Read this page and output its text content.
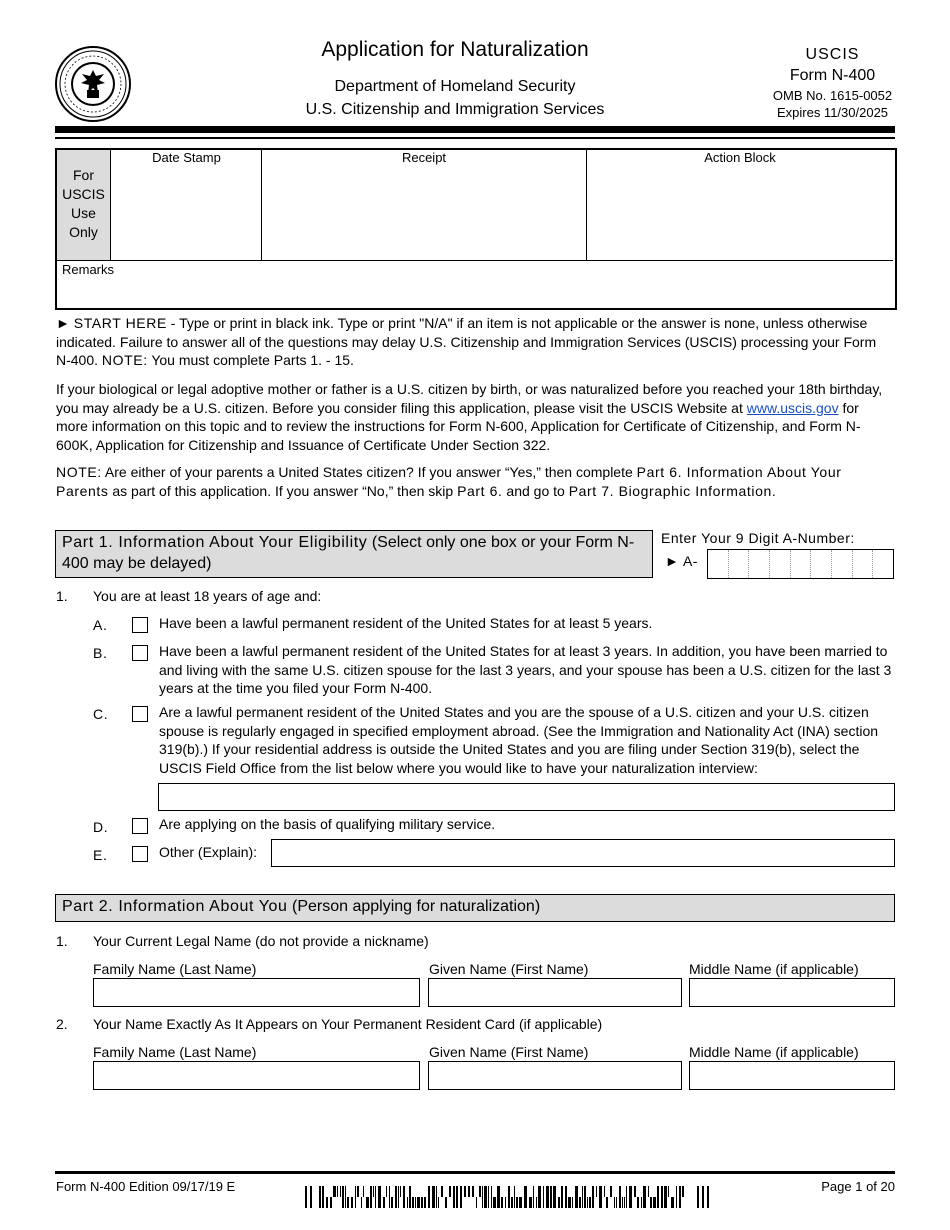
Application for Naturalization
Department of Homeland Security
U.S. Citizenship and Immigration Services
USCIS
Form N-400
OMB No. 1615-0052
Expires 11/30/2025
For
USCIS
Use
Only
Date Stamp	Receipt	Action Block
Remarks
► START HERE - Type or print in black ink. Type or print "N/A" if an item is not applicable or the answer is none, unless otherwise indicated. Failure to answer all of the questions may delay U.S. Citizenship and Immigration Services (USCIS) processing your Form N-400. NOTE: You must complete Parts 1. - 15.
If your biological or legal adoptive mother or father is a U.S. citizen by birth, or was naturalized before you reached your 18th birthday, you may already be a U.S. citizen. Before you consider filing this application, please visit the USCIS Website at www.uscis.gov for more information on this topic and to review the instructions for Form N-600, Application for Certificate of Citizenship, and Form N-600K, Application for Citizenship and Issuance of Certificate Under Section 322.
NOTE: Are either of your parents a United States citizen? If you answer “Yes,” then complete Part 6. Information About Your Parents as part of this application. If you answer “No,” then skip Part 6. and go to Part 7. Biographic Information.
Part 1. Information About Your Eligibility (Select only one box or your Form N-400 may be delayed)
Enter Your 9 Digit A-Number:
► A-
1. You are at least 18 years of age and:
A.	Have been a lawful permanent resident of the United States for at least 5 years.
B.	Have been a lawful permanent resident of the United States for at least 3 years. In addition, you have been married to and living with the same U.S. citizen spouse for the last 3 years, and your spouse has been a U.S. citizen for the last 3 years at the time you filed your Form N-400.
C.	Are a lawful permanent resident of the United States and you are the spouse of a U.S. citizen and your U.S. citizen spouse is regularly engaged in specified employment abroad. (See the Immigration and Nationality Act (INA) section 319(b).) If your residential address is outside the United States and you are filing under Section 319(b), select the USCIS Field Office from the list below where you would like to have your naturalization interview:
D.	Are applying on the basis of qualifying military service.
E.	Other (Explain):
Part 2. Information About You (Person applying for naturalization)
1. Your Current Legal Name (do not provide a nickname)
Family Name (Last Name)	Given Name (First Name)	Middle Name (if applicable)
2. Your Name Exactly As It Appears on Your Permanent Resident Card (if applicable)
Family Name (Last Name)	Given Name (First Name)	Middle Name (if applicable)
Form N-400 Edition 09/17/19 E	Page 1 of 20
